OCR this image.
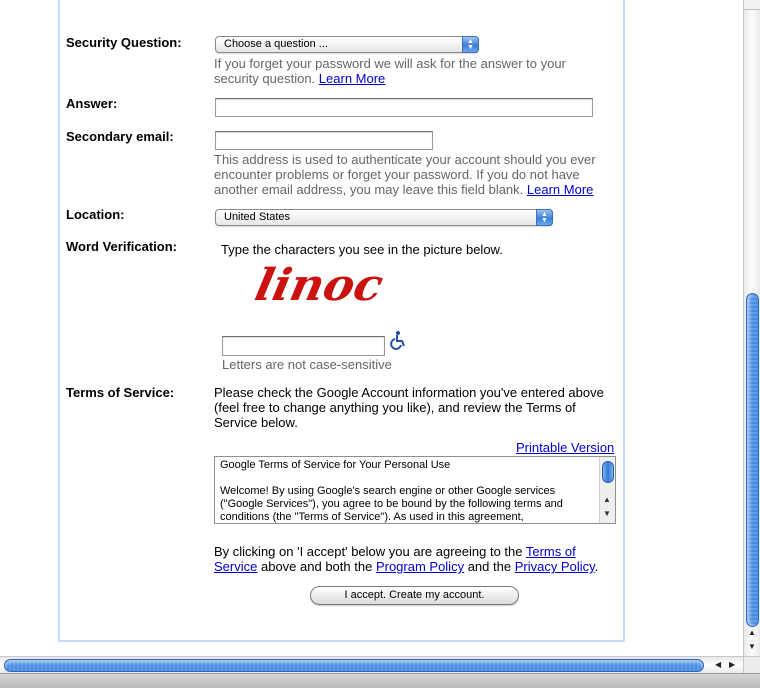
Security Question:	Choose a question ...	▲
▼
If you forget your password we will ask for the answer to your security question. Learn More
Answer:
Secondary email:
This address is used to authenticate your account should you ever encounter problems or forget your password. If you do not have another email address, you may leave this field blank. Learn More
Location:	United States	▲
▼
Word Verification:	Type the characters you see in the picture below.
linoc
Letters are not case-sensitive
Terms of Service:	Please check the Google Account information you've entered above (feel free to change anything you like), and review the Terms of Service below.
Printable Version
Google Terms of Service for Your Personal Use
Welcome! By using Google's search engine or other Google services ("Google Services"), you agree to be bound by the following terms and conditions (the "Terms of Service"). As used in this agreement,
▲
▼
By clicking on 'I accept' below you are agreeing to the Terms of Service above and both the Program Policy and the Privacy Policy.
I accept. Create my account.
▲
▼
◀ ▶
